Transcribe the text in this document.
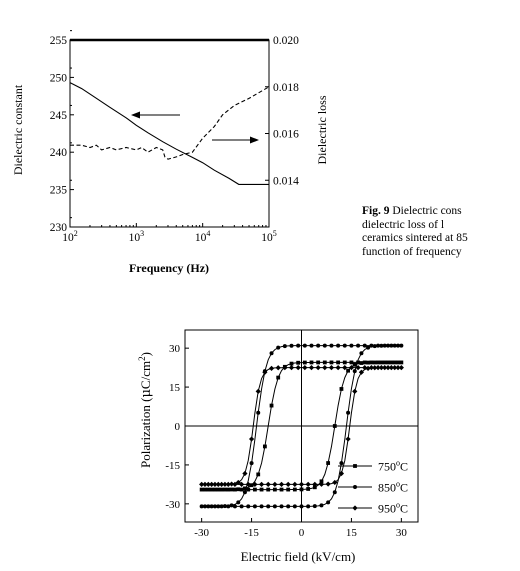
Frequency (Hz)
Dielectric constant	Dielectric loss
230
235
240
245
250
255
0.014
0.016
0.018
0.020
$10^2$	$10^3$	$10^4$	$10^5$
Electric field (kV/cm)
Polarization $(\mu C/cm^2)$
-30	-15	0	15	30
-30
-15
0
15
30
750$^o$C
850$^o$C
950$^o$C
Fig. 9 Dielectric cons
dielectric loss of l
ceramics sintered at 85
function of frequency
